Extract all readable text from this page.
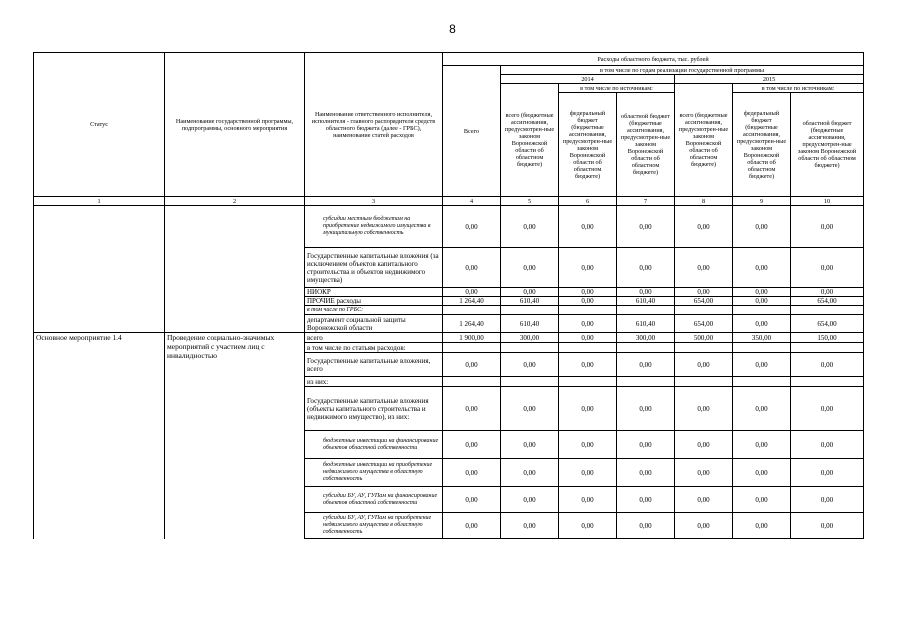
8
Статус	Наименование государственной программы, подпрограммы, основного мероприятия	Наименование ответственного исполнителя, исполнителя - главного распорядителя средств областного бюджета (далее - ГРБС), наименование статей расходов	Расходы областного бюджета, тыс. рублей						
			Всего	в том числе по годам реализации государственной программы					
				2014			2015		
				всего (бюджетные ассигнования, предусмотрен-ные законом Воронежской области об областном бюджете)	в том числе по источникам:		всего (бюджетные ассигнования, предусмотрен-ные законом Воронежской области об областном бюджете)	в том числе по источникам:	
					федеральный бюджет (бюджетные ассигнования, предусмотрен-ные законом Воронежской области об областном бюджете)	областной бюджет (бюджетные ассигнования, предусмотрен-ные законом Воронежской области об областном бюджете)		федеральный бюджет (бюджетные ассигнования, предусмотрен-ные законом Воронежской области об областном бюджете)	областной бюджет (бюджетные ассигнования, предусмотрен-ные законом Воронежской области об областном бюджете)
1	2	3	4	5	6	7	8	9	10
		субсидии местным бюджетам на приобретение недвижимого имущества в муниципальную собственность	0,00	0,00	0,00	0,00	0,00	0,00	0,00
		Государственные капитальные вложения (за исключением объектов капитального строительства и объектов недвижимого имущества)	0,00	0,00	0,00	0,00	0,00	0,00	0,00
		НИОКР	0,00	0,00	0,00	0,00	0,00	0,00	0,00
		ПРОЧИЕ расходы	1 264,40	610,40	0,00	610,40	654,00	0,00	654,00
		в том числе по ГРБС:							
		департамент социальной защиты Воронежской области	1 264,40	610,40	0,00	610,40	654,00	0,00	654,00
Основное мероприятие 1.4	Проведение социально-значимых мероприятий с участием лиц с инвалидностью	всего	1 900,00	300,00	0,00	300,00	500,00	350,00	150,00
		в том числе по статьям расходов:							
		Государственные капитальные вложения, всего	0,00	0,00	0,00	0,00	0,00	0,00	0,00
		из них:							
		Государственные капитальные вложения (объекты капитального строительства и недвижимого имущество), из них:	0,00	0,00	0,00	0,00	0,00	0,00	0,00
		бюджетные инвестиции на финансирование объектов областной собственности	0,00	0,00	0,00	0,00	0,00	0,00	0,00
		бюджетные инвестиции на приобретение недвижимого имущества в областную собственность	0,00	0,00	0,00	0,00	0,00	0,00	0,00
		субсидии БУ, АУ, ГУПам на финансирование объектов областной собственности	0,00	0,00	0,00	0,00	0,00	0,00	0,00
		субсидии БУ, АУ, ГУПам на приобретение недвижимого имущества в областную собственность	0,00	0,00	0,00	0,00	0,00	0,00	0,00
